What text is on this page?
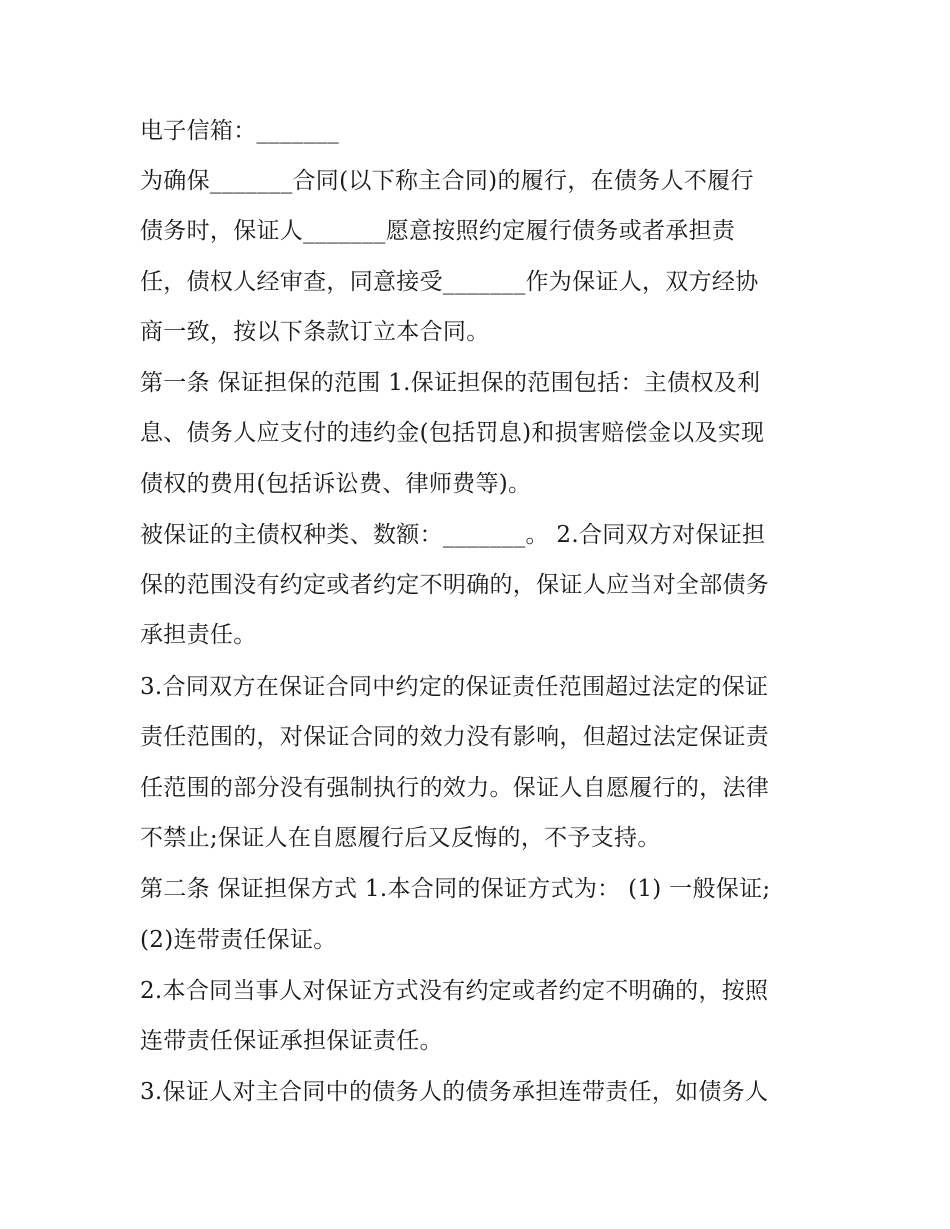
电子信箱：_______
为确保_______合同(以下称主合同)的履行，在债务人不履行
债务时，保证人_______愿意按照约定履行债务或者承担责
任，债权人经审查，同意接受_______作为保证人，双方经协
商一致，按以下条款订立本合同。
第一条 保证担保的范围 1.保证担保的范围包括：主债权及利
息、债务人应支付的违约金(包括罚息)和损害赔偿金以及实现
债权的费用(包括诉讼费、律师费等)。
被保证的主债权种类、数额：_______。 2.合同双方对保证担
保的范围没有约定或者约定不明确的，保证人应当对全部债务
承担责任。
3.合同双方在保证合同中约定的保证责任范围超过法定的保证
责任范围的，对保证合同的效力没有影响，但超过法定保证责
任范围的部分没有强制执行的效力。保证人自愿履行的，法律
不禁止;保证人在自愿履行后又反悔的，不予支持。
第二条 保证担保方式 1.本合同的保证方式为： (1) 一般保证;
(2)连带责任保证。
2.本合同当事人对保证方式没有约定或者约定不明确的，按照
连带责任保证承担保证责任。
3.保证人对主合同中的债务人的债务承担连带责任，如债务人
